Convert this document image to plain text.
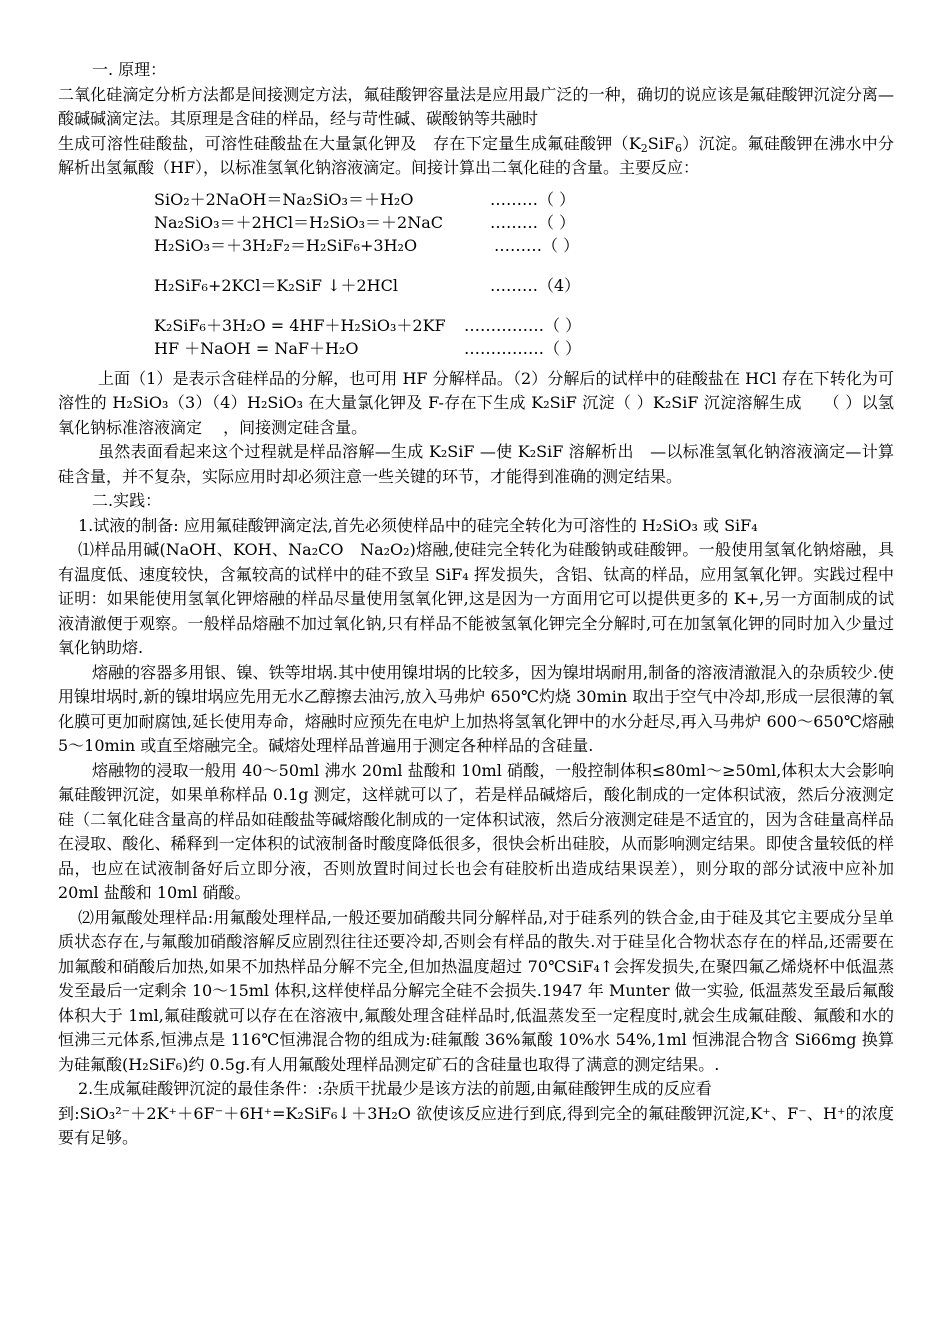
一. 原理：

二氧化硅滴定分析方法都是间接测定方法，氟硅酸钾容量法是应用最广泛的一种，确切的说应该是氟硅酸钾沉淀分离—酸碱碱滴定法。其原理是含硅的样品，经与苛性碱、碳酸钠等共融时

生成可溶性硅酸盐，可溶性硅酸盐在大量氯化钾及　存在下定量生成氟硅酸钾$(K_2SiF_6)$沉淀。氟硅酸钾在沸水中分解析出氢氟酸（HF），以标准氢氧化钠溶液滴定。间接计算出二氧化硅的含量。主要反应：

SiO₂＋2NaOH＝Na₂SiO₃＝＋H₂O	………（ ）
Na₂SiO₃＝＋2HCl＝H₂SiO₃＝＋2NaC	………（ ）
H₂SiO₃＝＋3H₂F₂＝H₂SiF₆+3H₂O	………（ ）
H₂SiF₆+2KCl＝K₂SiF ↓＋2HCl	………（4）
K₂SiF₆＋3H₂O = 4HF＋H₂SiO₃＋2KF	……………（ ）
HF ＋NaOH = NaF＋H₂O	……………（ ）

上面（1）是表示含硅样品的分解，也可用 HF 分解样品。（2）分解后的试样中的硅酸盐在 HCl 存在下转化为可溶性的 H₂SiO₃（3）（4）H₂SiO₃ 在大量氯化钾及 F-存在下生成 K₂SiF 沉淀（ ）K₂SiF 沉淀溶解生成　 （ ）以氢氧化钠标准溶液滴定　 ，间接测定硅含量。

虽然表面看起来这个过程就是样品溶解—生成 K₂SiF —使 K₂SiF 溶解析出　—以标准氢氧化钠溶液滴定—计算硅含量，并不复杂，实际应用时却必须注意一些关键的环节，才能得到准确的测定结果。

二.实践：

1.试液的制备: 应用氟硅酸钾滴定法,首先必须使样品中的硅完全转化为可溶性的 H₂SiO₃ 或 SiF₄

⑴样品用碱(NaOH、KOH、Na₂CO　Na₂O₂)熔融,使硅完全转化为硅酸钠或硅酸钾。一般使用氢氧化钠熔融，具有温度低、速度较快，含氟较高的试样中的硅不致呈 SiF₄ 挥发损失，含铝、钛高的样品，应用氢氧化钾。实践过程中证明：如果能使用氢氧化钾熔融的样品尽量使用氢氧化钾,这是因为一方面用它可以提供更多的 K+,另一方面制成的试液清澈便于观察。一般样品熔融不加过氧化钠,只有样品不能被氢氧化钾完全分解时,可在加氢氧化钾的同时加入少量过氧化钠助熔.

熔融的容器多用银、镍、铁等坩埚.其中使用镍坩埚的比较多，因为镍坩埚耐用,制备的溶液清澈混入的杂质较少.使用镍坩埚时,新的镍坩埚应先用无水乙醇擦去油污,放入马弗炉 650℃灼烧 30min 取出于空气中冷却,形成一层很薄的氧化膜可更加耐腐蚀,延长使用寿命，熔融时应预先在电炉上加热将氢氧化钾中的水分赶尽,再入马弗炉 600～650℃熔融 5～10min 或直至熔融完全。碱熔处理样品普遍用于测定各种样品的含硅量.

熔融物的浸取一般用 40～50ml 沸水 20ml 盐酸和 10ml 硝酸，一般控制体积≤80ml～≥50ml,体积太大会影响氟硅酸钾沉淀，如果单称样品 0.1g 测定，这样就可以了，若是样品碱熔后，酸化制成的一定体积试液，然后分液测定硅（二氧化硅含量高的样品如硅酸盐等碱熔酸化制成的一定体积试液，然后分液测定硅是不适宜的，因为含硅量高样品在浸取、酸化、稀释到一定体积的试液制备时酸度降低很多，很快会析出硅胶，从而影响测定结果。即使含量较低的样品，也应在试液制备好后立即分液，否则放置时间过长也会有硅胶析出造成结果误差），则分取的部分试液中应补加 20ml 盐酸和 10ml 硝酸。

⑵用氟酸处理样品:用氟酸处理样品,一般还要加硝酸共同分解样品,对于硅系列的铁合金,由于硅及其它主要成分呈单质状态存在,与氟酸加硝酸溶解反应剧烈往往还要冷却,否则会有样品的散失.对于硅呈化合物状态存在的样品,还需要在加氟酸和硝酸后加热,如果不加热样品分解不完全,但加热温度超过 70℃SiF₄↑会挥发损失,在聚四氟乙烯烧杯中低温蒸发至最后一定剩余 10～15ml 体积,这样使样品分解完全硅不会损失.1947 年 Munter 做一实验, 低温蒸发至最后氟酸体积大于 1ml,氟硅酸就可以存在在溶液中,氟酸处理含硅样品时,低温蒸发至一定程度时,就会生成氟硅酸、氟酸和水的恒沸三元体系,恒沸点是 116℃恒沸混合物的组成为:硅氟酸 36%氟酸 10%水 54%,1ml 恒沸混合物含 Si66mg 换算为硅氟酸(H₂SiF₆)约 0.5g.有人用氟酸处理样品测定矿石的含硅量也取得了满意的测定结果。.

2.生成氟硅酸钾沉淀的最佳条件：:杂质干扰最少是该方法的前题,由氟硅酸钾生成的反应看

到:SiO₃²⁻＋2K⁺＋6F⁻＋6H⁺=K₂SiF₆↓＋3H₂O 欲使该反应进行到底,得到完全的氟硅酸钾沉淀,K⁺、F⁻、H⁺的浓度要有足够。
